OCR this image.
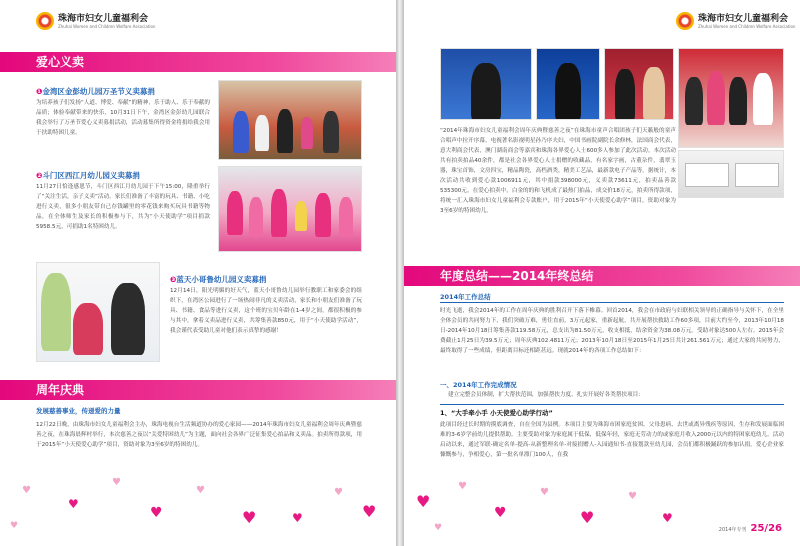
珠海市妇女儿童福利会
Zhuhai Women and Children Welfare Association
爱心义卖
❶金湾区金彭幼儿园万圣节义卖募捐
为培养孩子们发扬“人道、博爱、奉献”的精神，乐于助人、乐于奉献的品质；体验奉献带来的快乐，10月31日下午，金湾区金彭幼儿园联合我会举行了万圣节爱心义卖募捐活动，活动募集所得资金将捐给我会用于扶助特困儿童。
❷斗门区西江月幼儿园义卖募捐
11月27日恰逢感恩节，斗门区西江月幼儿园于下午15:00，隆重举行了“关注生活，亲子义卖”活动。家长们准备了丰富的玩具、书籍、小吃进行义卖，很多小朋友带自己存钱罐里的零花钱来购买玩具书籍等物品，在全体师生及家长的积极参与下，共为“小天使助学”项目捐款5958.5元，可捐助1名特困幼儿。
❸蓝天小哥鲁幼儿园义卖募捐
12月14日，阳光明媚的好天气，蓝天小哥鲁幼儿园举行教职工和家委会的组织下，在湾区公园进行了一场热闹非凡的义卖活动，家长和小朋友们准备了玩具、书籍、食品等进行义卖，这个班的宝贝年龄在1-4岁之间，都很积极的参与其中，拿着义卖品进行义卖，共筹集善款850元，用于“小天使助学活动”，我会谨代表受助儿童对他们表示真挚的感谢！
周年庆典
发展慈善事业，传递爱的力量
12月22日晚，由珠海市妇女儿童福利会主办，珠海电视台生活频道协办的爱心家园——2014年珠海市妇女儿童福利会周年庆典暨慈善之夜，在珠海晨辉村举行，本次慈善之夜以“关爱特困幼儿”为主题，面向社会各界广泛征集爱心拍品和义卖品。拍卖所得款项，用于2015年“小天使爱心助学”项目，资助对象为3至6岁的特困幼儿。
♥
♥
♥
♥
♥
♥	♥
♥
♥
♥
珠海市妇女儿童福利会
Zhuhai Women and Children Welfare Association
“2014年珠海市妇女儿童福利会周年庆典暨慈善之夜”在珠海市童声合唱团孩子们天籁般的童声合唱声中拉开序幕。电视著名影视明星孙乃序夫妇，中国书画院副院长余修林，法国商会代表，意大利商会代表，澳门湖南商会等嘉宾和珠海各界爱心人士600多人参加了此次活动。本次活动共有拍卖拍品40余件，都是社会各界爱心人士捐赠的收藏品，有名家字画，古董杂件，翡翠玉器，珠宝首饰，文房四宝，精品陶瓷，高档酒类，精美工艺品，最新款电子产品等。据统计，本次活动共收到爱心款1006911元，其中捐款398000元，义卖款73611元，拍卖品善款535300元。在爱心拍卖中，白金的的和飞机成了最热门拍品，成交价18万元，拍卖所得款项，将统一汇入珠海市妇女儿童福利会专款账户，用于2015年“小天使爱心助学”项目，资助对象为3至6岁的特困幼儿。
年度总结——2014年终总结
2014年工作总结
时光飞逝，我会2014年的工作在周年庆典的胜利召开下落下帷幕。回首2014，我会在市政府与妇联相关领导的正确指导与关怀下，在全里全体会员的共同努力下，我们突破万难，勇往直前，3万元起家，重新起航，共开展帮扶救助工作60多项，目前大约至今，2013年10月18日-2014年10月18日筹集善款119.58万元，总支出为81.50万元，收支相抵，结余资金为38.08万元。受助对象达500人左右。2015年会费截止1月25日为39.5万元；周年庆典102.4811万元；2013年10月18日至2015年1月25日共计261.561万元；通过大家的共同努力，最终取得了一些成绩，但距离目标还相距甚远。现就2014年的各项工作总结如下：
一、2014年工作完成情况
建立完整会员体制，扩大帮扶范围，加强帮扶力度，扎实开展好各类帮扶项目：
1、“大手牵小手 小天使爱心助学行动”
此项目经过长时期的摸底调查，自在全国为县例。本项目主要为珠海市困家庭贫困、父母患病、去世或离异残疾等原因，生存和发展面临困难的3-6岁学前幼儿提供帮助。主要受助对象为家庭属于低保，低保年轻，家庭无劳动力的或家庭月收入2000元以内的特困家庭幼儿。活动启动以来，通过军联-确定名单-提高-从新整理名单-对接捐赠人-入园通知书-直接划款至幼儿园，会员们都积极踊跃的参加认捐。爱心企业家慷慨参与，争相爱心，第一批名单漂门100人，在我
♥
♥
♥
♥
♥
♥
♥
♥	2014年专刊 25/26
